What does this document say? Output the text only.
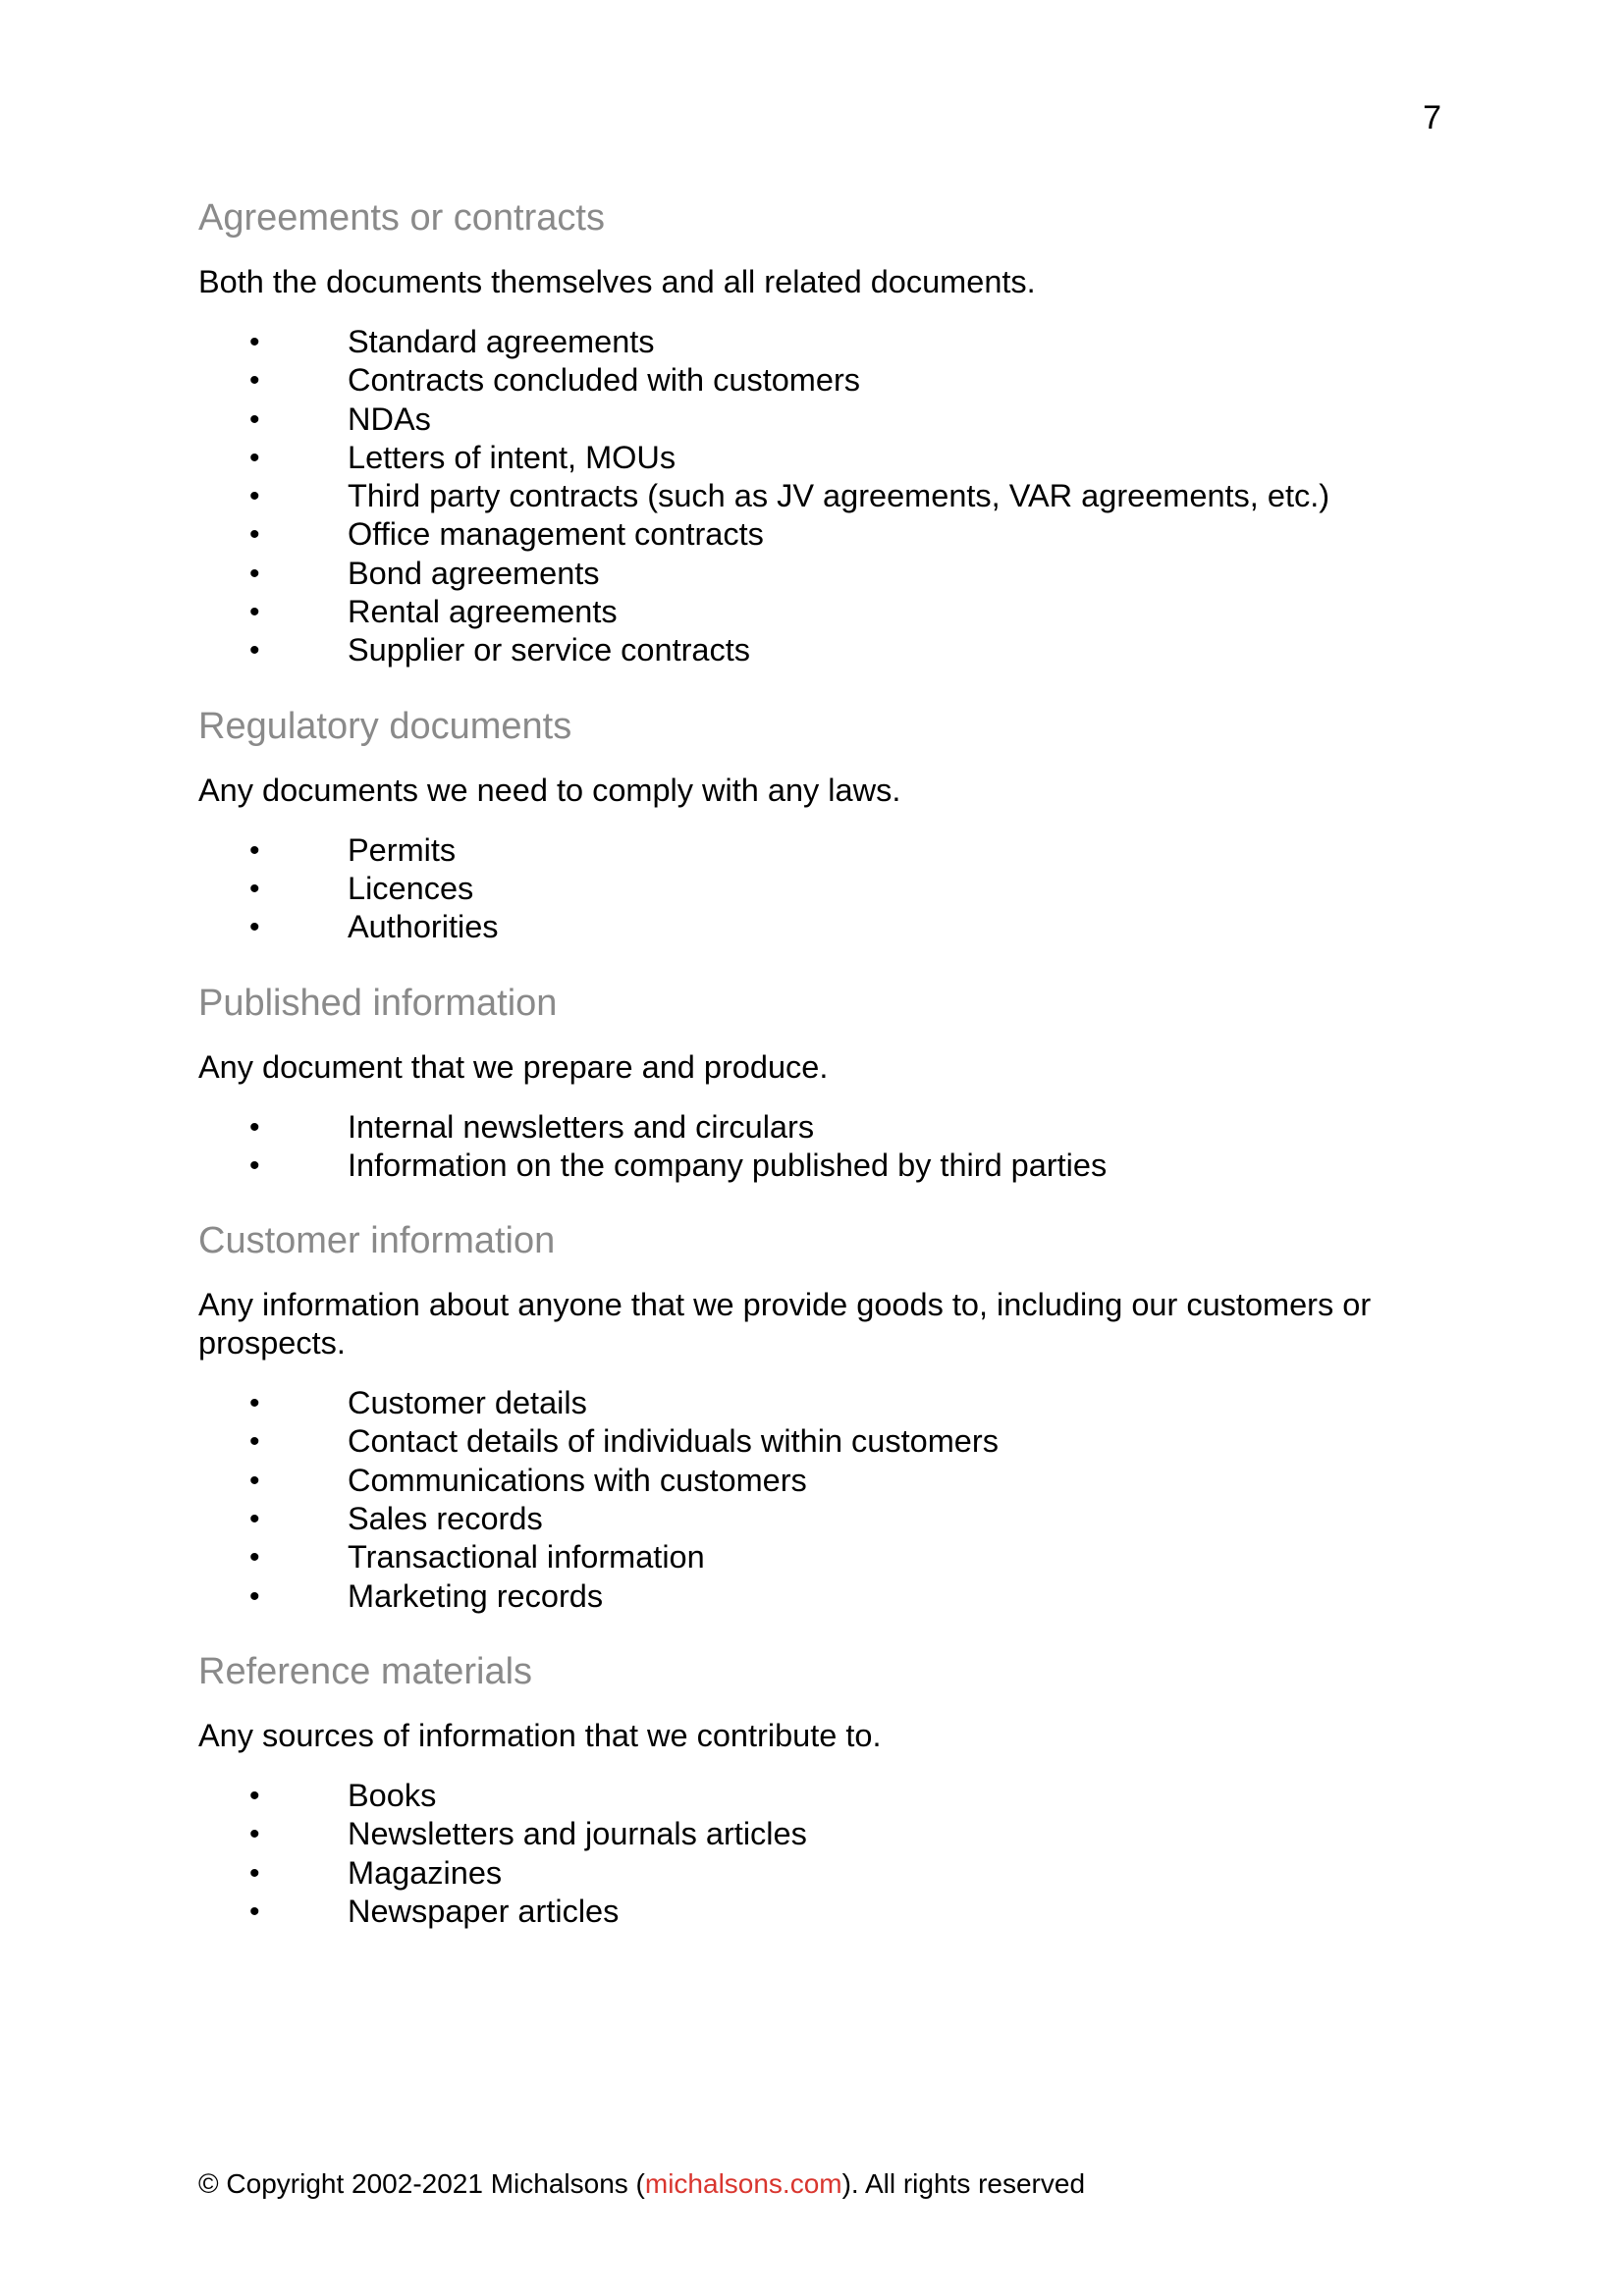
7
Agreements or contracts

Both the documents themselves and all related documents.

•	Standard agreements
•	Contracts concluded with customers
•	NDAs
•	Letters of intent, MOUs
•	Third party contracts (such as JV agreements, VAR agreements, etc.)
•	Office management contracts
•	Bond agreements
•	Rental agreements
•	Supplier or service contracts
Regulatory documents

Any documents we need to comply with any laws.

•	Permits
•	Licences
•	Authorities
Published information

Any document that we prepare and produce.

•	Internal newsletters and circulars
•	Information on the company published by third parties
Customer information

Any information about anyone that we provide goods to, including our customers or prospects.

•	Customer details
•	Contact details of individuals within customers
•	Communications with customers
•	Sales records
•	Transactional information
•	Marketing records
Reference materials

Any sources of information that we contribute to.

•	Books
•	Newsletters and journals articles
•	Magazines
•	Newspaper articles
© Copyright 2002-2021 Michalsons (michalsons.com). All rights reserved
